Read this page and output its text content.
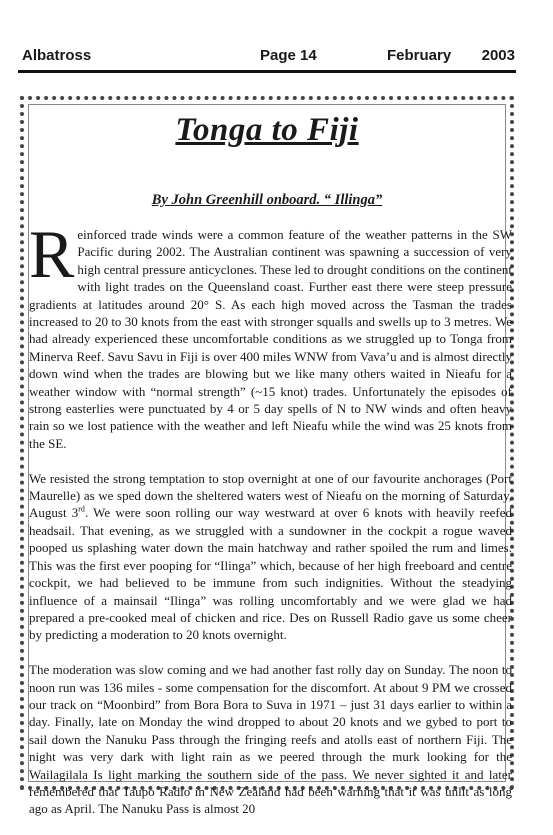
Albatross	Page 14	February 2003
Tonga to Fiji
By John Greenhill onboard. “ Illinga”

Reinforced trade winds were a common feature of the weather patterns in the SW Pacific during 2002. The Australian continent was spawning a succession of very high central pressure anticyclones. These led to drought conditions on the continent with light trades on the Queensland coast. Further east there were steep pressure gradients at latitudes around 20° S. As each high moved across the Tasman the trades increased to 20 to 30 knots from the east with stronger squalls and swells up to 3 metres. We had already experienced these uncomfortable conditions as we struggled up to Tonga from Minerva Reef. Savu Savu in Fiji is over 400 miles WNW from Vava’u and is almost directly down wind when the trades are blowing but we like many others waited in Nieafu for a weather window with “normal strength” (~15 knot) trades. Unfortunately the episodes of strong easterlies were punctuated by 4 or 5 day spells of N to NW winds and often heavy rain so we lost patience with the weather and left Nieafu while the wind was 25 knots from the SE.

We resisted the strong temptation to stop overnight at one of our favourite anchorages (Port Maurelle) as we sped down the sheltered waters west of Nieafu on the morning of Saturday, August 3rd. We were soon rolling our way westward at over 6 knots with heavily reefed headsail. That evening, as we struggled with a sundowner in the cockpit a rogue waved pooped us splashing water down the main hatchway and rather spoiled the rum and limes. This was the first ever pooping for “Ilinga” which, because of her high freeboard and centre cockpit, we had believed to be immune from such indignities. Without the steadying influence of a mainsail “Ilinga” was rolling uncomfortably and we were glad we had prepared a pre-cooked meal of chicken and rice. Des on Russell Radio gave us some cheer by predicting a moderation to 20 knots overnight.

The moderation was slow coming and we had another fast rolly day on Sunday. The noon to noon run was 136 miles - some compensation for the discomfort. At about 9 PM we crossed our track on “Moonbird” from Bora Bora to Suva in 1971 – just 31 days earlier to within a day. Finally, late on Monday the wind dropped to about 20 knots and we gybed to port to sail down the Nanuku Pass through the fringing reefs and atolls east of northern Fiji. The night was very dark with light rain as we peered through the murk looking for the Wailagilala Is light marking the southern side of the pass. We never sighted it and later remembered that Taupo Radio in New Zealand had been warning that it was unlit as long ago as April. The Nanuku Pass is almost 20
